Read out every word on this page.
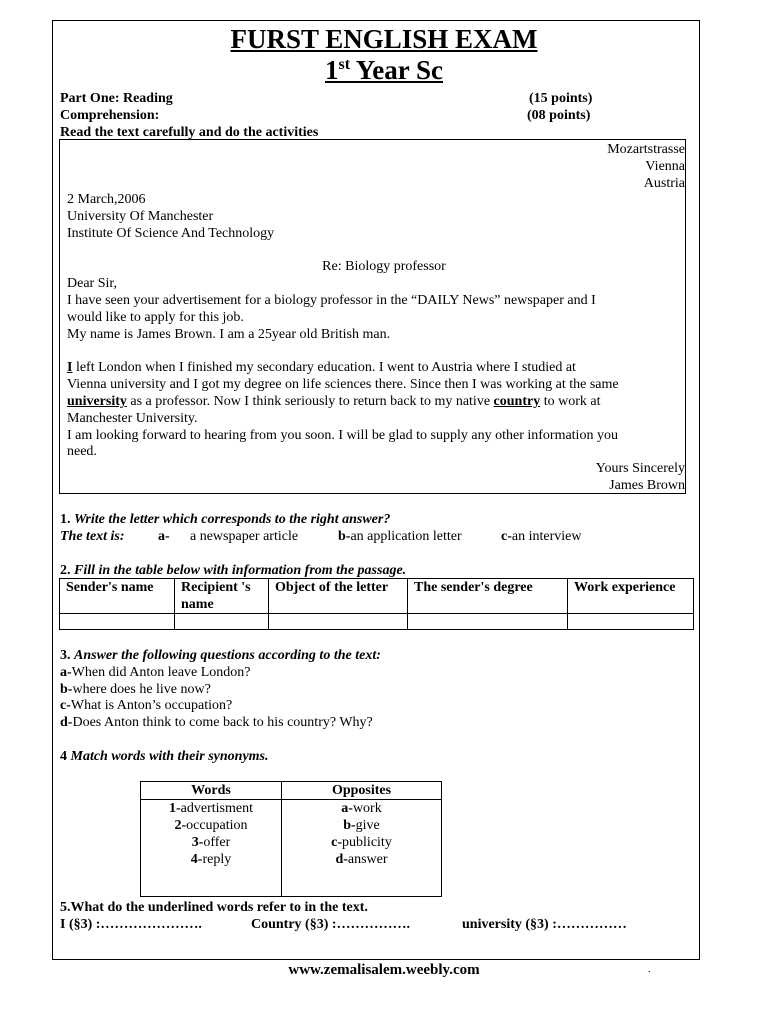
FURST ENGLISH EXAM
1st Year Sc
Part One: Reading	(15 points)
Comprehension:	(08 points)
Read the text carefully and do the activities
Mozartstrasse
Vienna
Austria
2 March,2006
University Of Manchester
Institute Of Science And Technology
Re: Biology professor
Dear Sir,
I have seen your advertisement for a biology professor in the “DAILY News” newspaper and I
would like to apply for this job.
My name is James Brown. I am a 25year old British man.
I left London when I finished my secondary education. I went to Austria where I studied at
Vienna university and I got my degree on life sciences there. Since then I was working at the same
university as a professor. Now I think seriously to return back to my native country to work at
Manchester University.
I am looking forward to hearing from you soon. I will be glad to supply any other information you
need.
Yours Sincerely
James Brown
1. Write the letter which corresponds to the right answer?
The text is: a- a newspaper article	b-an application letter	c-an interview
2. Fill in the table below with information from the passage.
Sender's name	Recipient 's name	Object of the letter	The sender's degree	Work experience

3. Answer the following questions according to the text:
a-When did Anton leave London?
b-where does he live now?
c-What is Anton’s occupation?
d-Does Anton think to come back to his country? Why?
4 Match words with their synonyms.
Words	Opposites
1-advertisment	a-work
2-occupation	b-give
3-offer	c-publicity
4-reply	d-answer

5.What do the underlined words refer to in the text.
I (§3) :………………….	Country (§3) :…………….	university (§3) :……………
www.zemalisalem.weebly.com	.
